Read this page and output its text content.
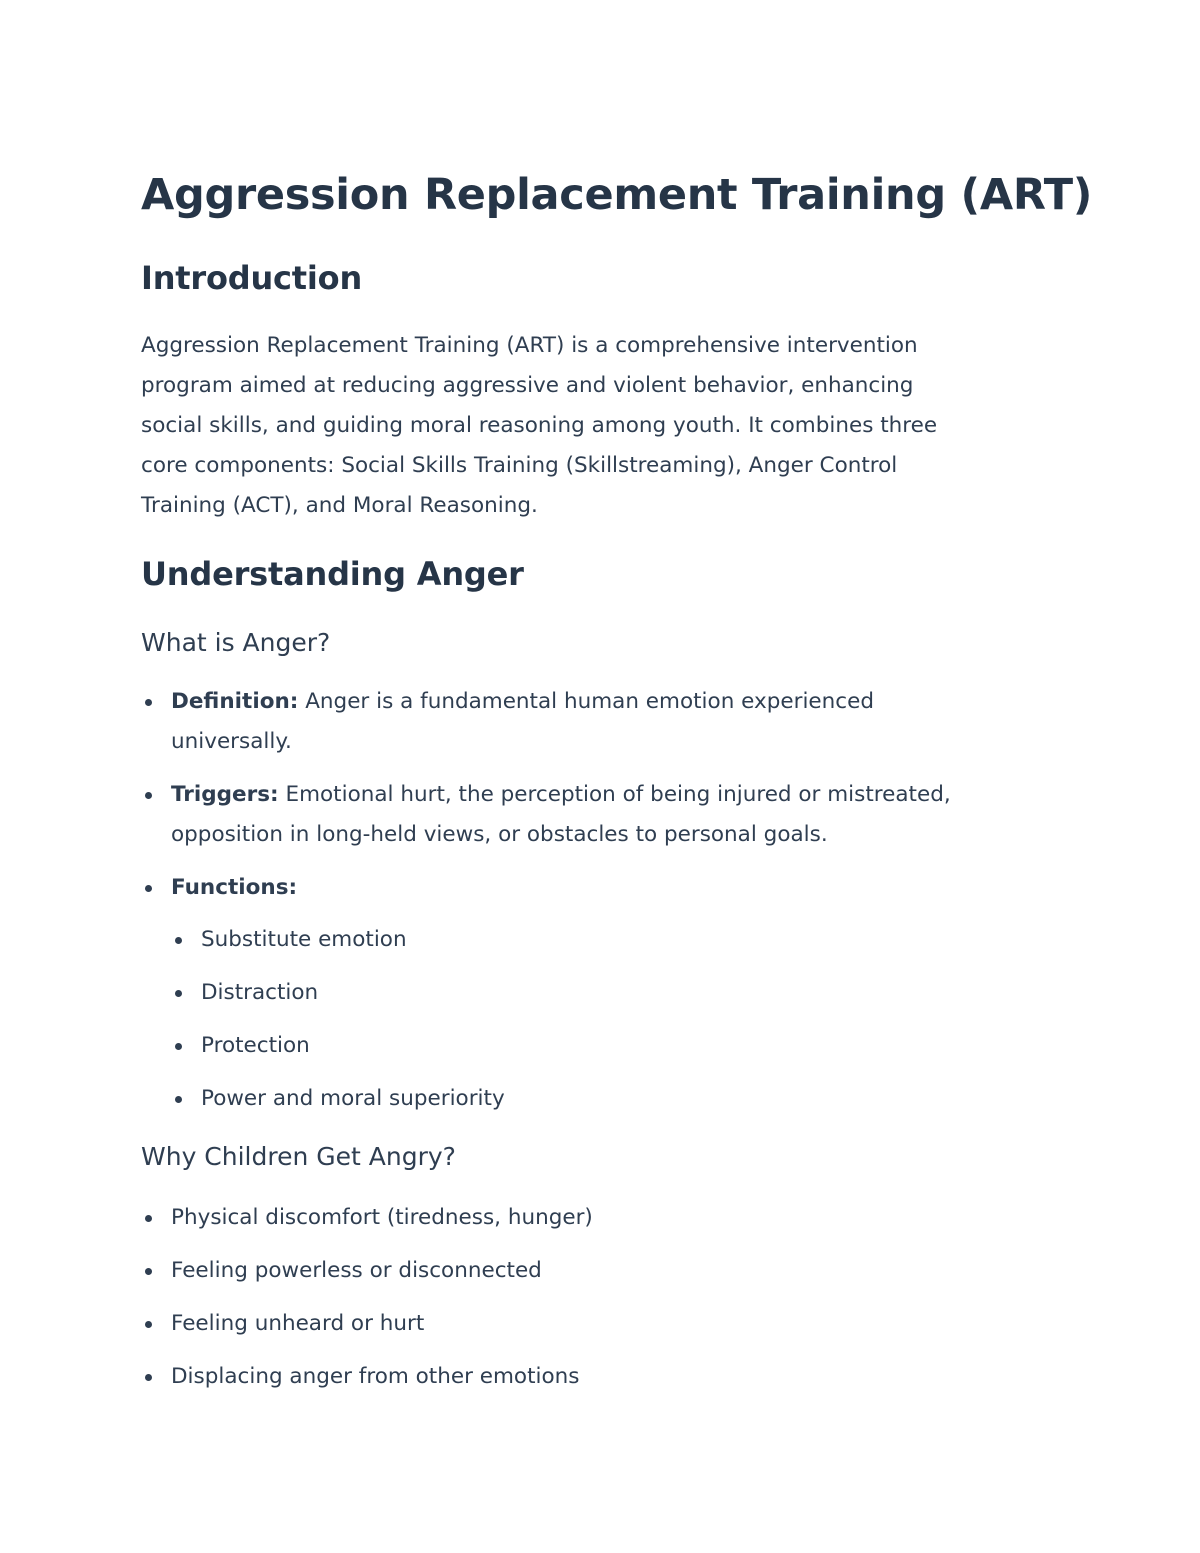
Aggression Replacement Training (ART)
Introduction

Aggression Replacement Training (ART) is a comprehensive intervention
program aimed at reducing aggressive and violent behavior, enhancing
social skills, and guiding moral reasoning among youth. It combines three
core components: Social Skills Training (Skillstreaming), Anger Control
Training (ACT), and Moral Reasoning.

Understanding Anger
What is Anger?
Definition: Anger is a fundamental human emotion experienced
universally.
Triggers: Emotional hurt, the perception of being injured or mistreated,
opposition in long-held views, or obstacles to personal goals.
Functions:
Substitute emotion
Distraction
Protection
Power and moral superiority
Why Children Get Angry?
Physical discomfort (tiredness, hunger)
Feeling powerless or disconnected
Feeling unheard or hurt
Displacing anger from other emotions
